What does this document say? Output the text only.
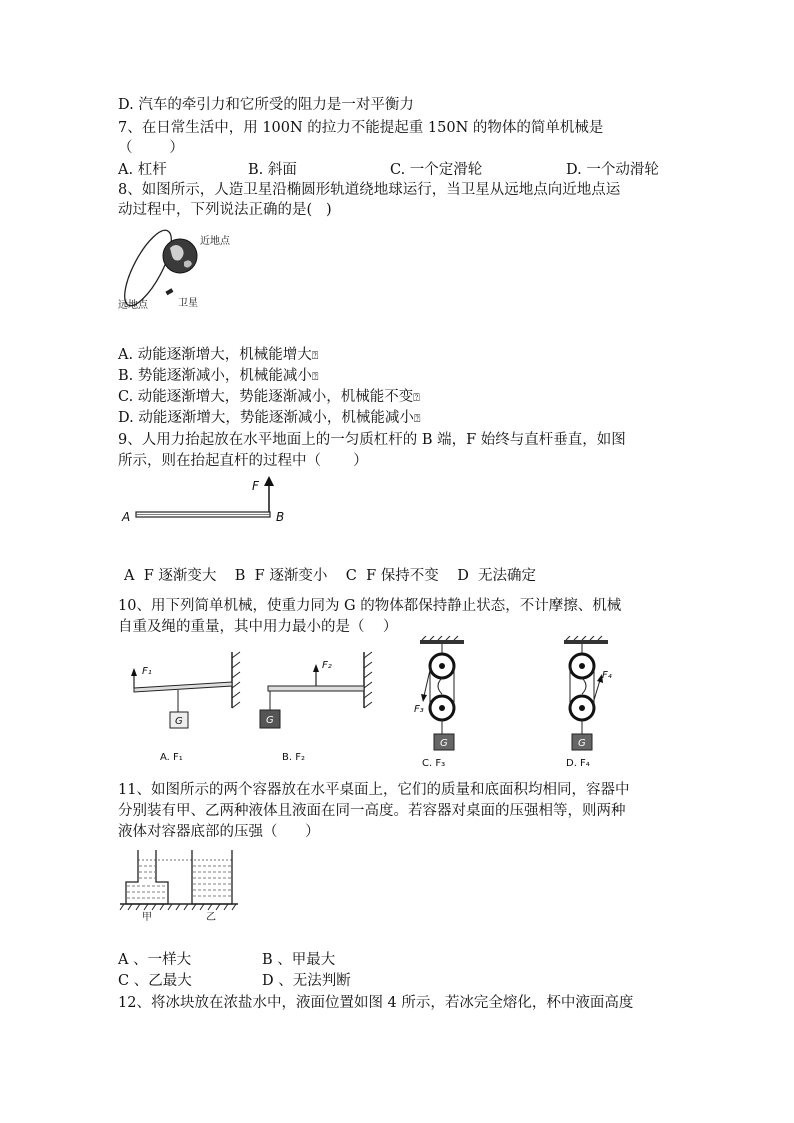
D. 汽车的牵引力和它所受的阻力是一对平衡力
7、在日常生活中，用 100N 的拉力不能提起重 150N 的物体的简单机械是
（        ）

A. 杠杆

	B. 斜面

	C. 一个定滑轮

	D. 一个动滑轮

8、如图所示，人造卫星沿椭圆形轨道绕地球运行，当卫星从远地点向近地点运
动过程中，下列说法正确的是(   )
近地点
远地点	卫星
A. 动能逐渐增大，机械能增大⍰
B. 势能逐渐减小，机械能减小⍰
C. 动能逐渐增大，势能逐渐减小，机械能不变⍰
D. 动能逐渐增大，势能逐渐减小，机械能减小⍰
9、人用力抬起放在水平地面上的一匀质杠杆的 B 端，F 始终与直杆垂直，如图
所示，则在抬起直杆的过程中（       ）
A	B
F
A  F 逐渐变大    B  F 逐渐变小    C  F 保持不变    D  无法确定
10、用下列简单机械，使重力同为 G 的物体都保持静止状态，不计摩擦、机械
自重及绳的重量，其中用力最小的是（    ）
F₁
G
A. F₁
F₂
G
B. F₂
F₃
G
C. F₃
F₄
G
D. F₄
11、如图所示的两个容器放在水平桌面上，它们的质量和底面积均相同，容器中
分别装有甲、乙两种液体且液面在同一高度。若容器对桌面的压强相等，则两种
液体对容器底部的压强（      ）
甲	乙

A 、一样大

	B 、甲最大

C 、乙最大

	D 、无法判断

12、将冰块放在浓盐水中，液面位置如图 4 所示，若冰完全熔化，杯中液面高度
